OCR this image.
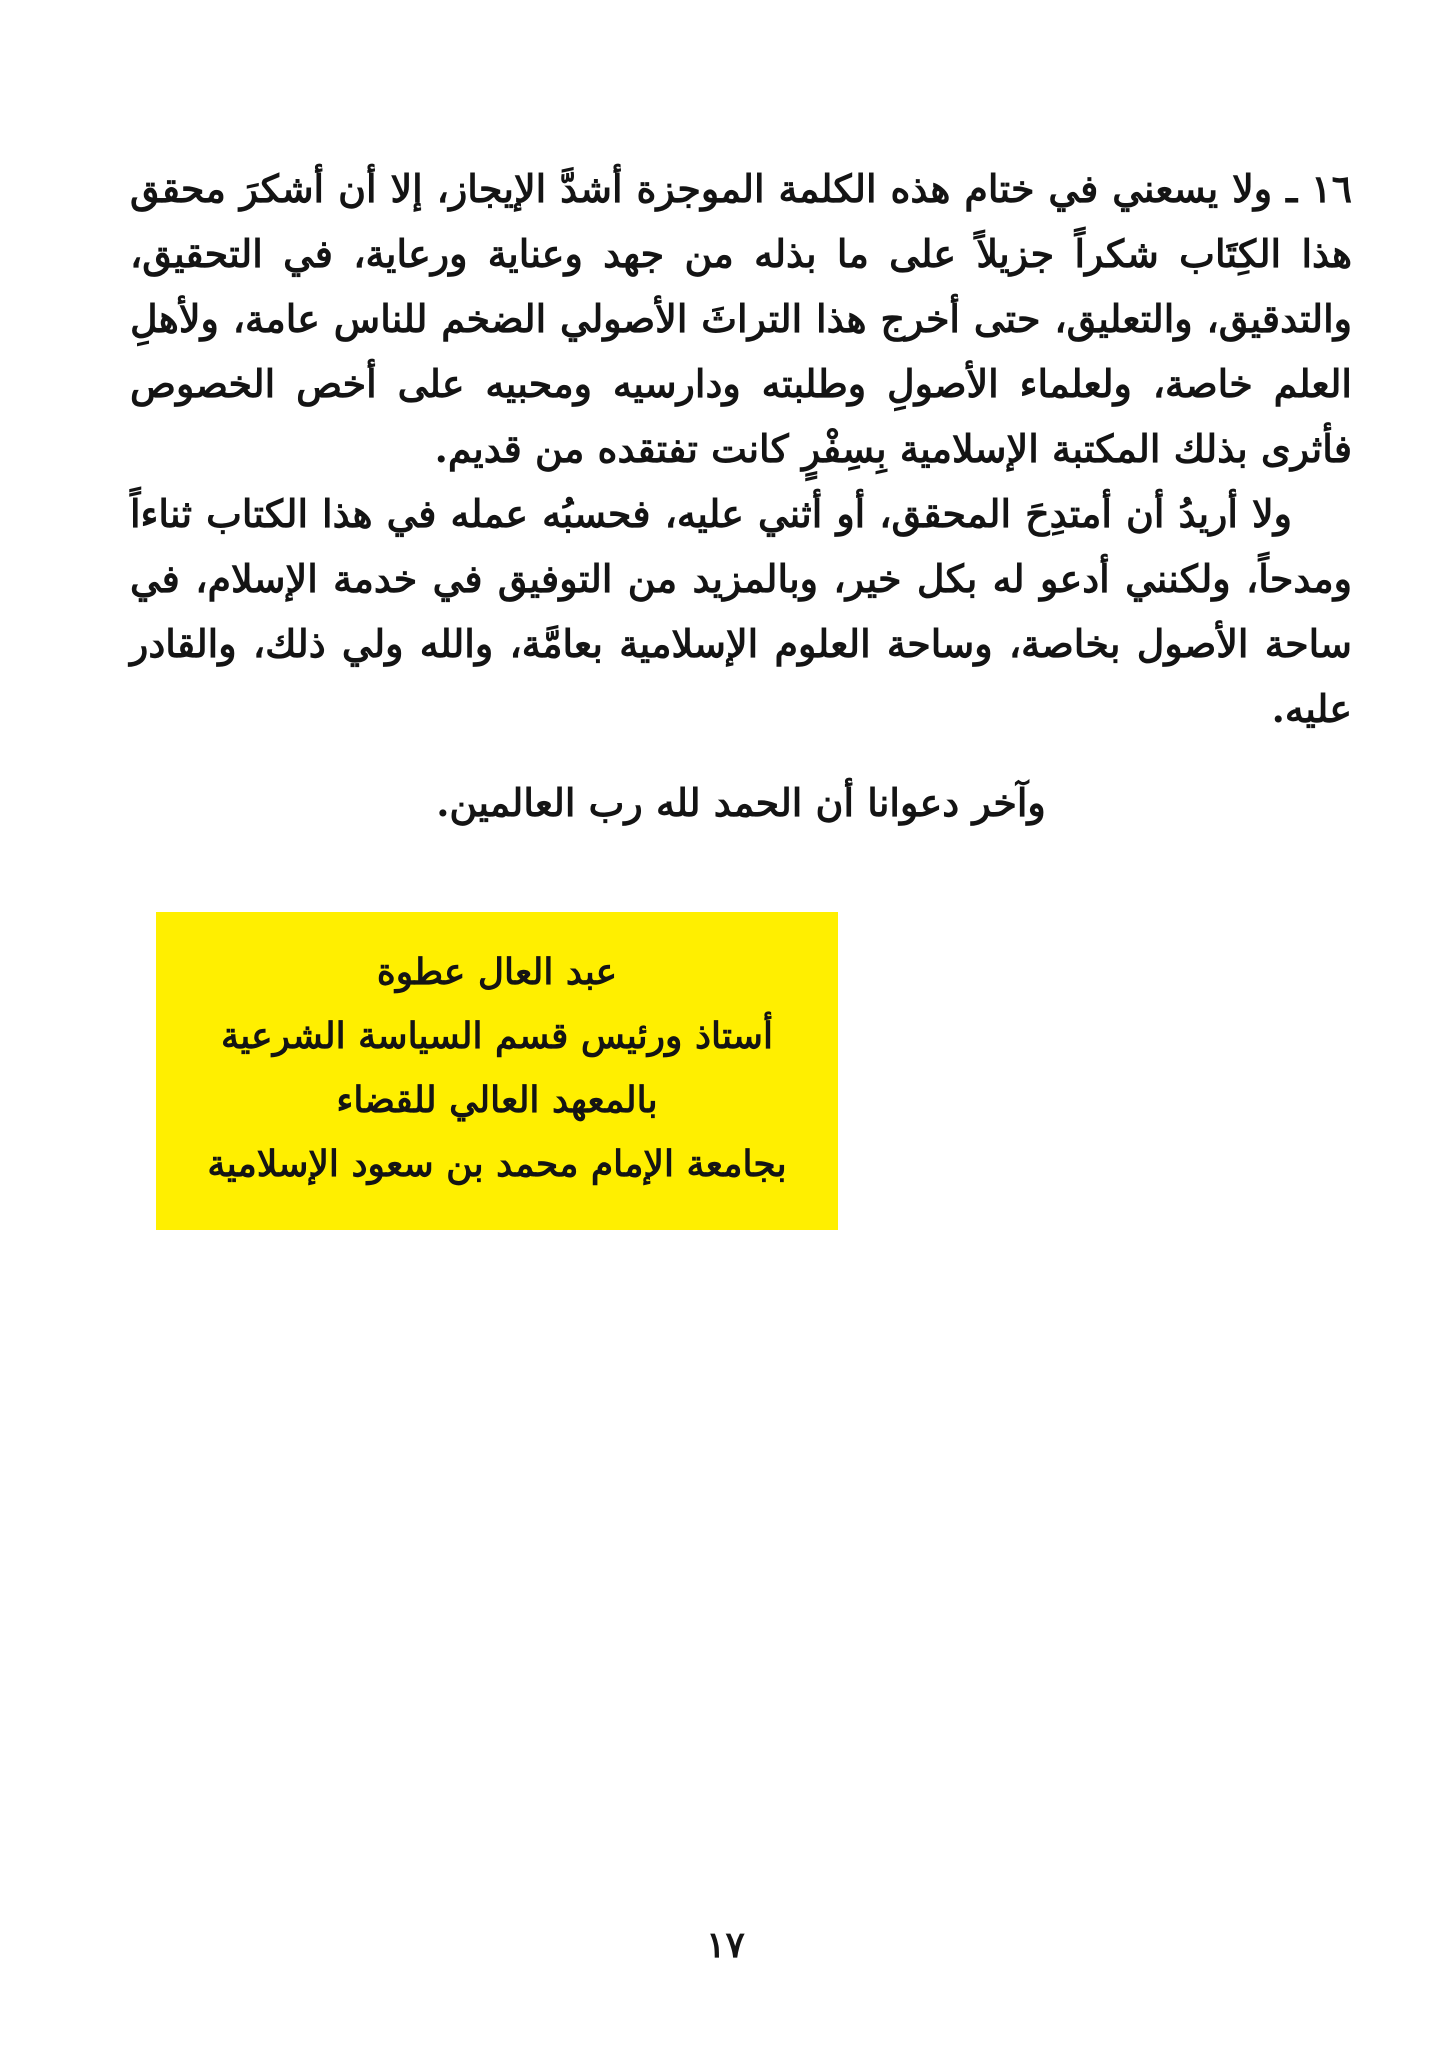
١٦ ـ ولا يسعني في ختام هذه الكلمة الموجزة أشدَّ الإيجاز، إلا أن أشكرَ محقق هذا الكِتَاب شكراً جزيلاً على ما بذله من جهد وعناية ورعاية، في التحقيق، والتدقيق، والتعليق، حتى أخرج هذا التراثَ الأصولي الضخم للناس عامة، ولأهلِ العلم خاصة، ولعلماء الأصولِ وطلبته ودارسيه ومحبيه على أخص الخصوص فأثرى بذلك المكتبة الإسلامية بِسِفْرٍ كانت تفتقده من قديم.

ولا أريدُ أن أمتدِحَ المحقق، أو أثني عليه، فحسبُه عمله في هذا الكتاب ثناءاً ومدحاً، ولكنني أدعو له بكل خير، وبالمزيد من التوفيق في خدمة الإسلام، في ساحة الأصول بخاصة، وساحة العلوم الإسلامية بعامَّة، والله ولي ذلك، والقادر عليه.

وآخر دعوانا أن الحمد لله رب العالمين.
عبد العال عطوة
أستاذ ورئيس قسم السياسة الشرعية
بالمعهد العالي للقضاء
بجامعة الإمام محمد بن سعود الإسلامية
١٧
